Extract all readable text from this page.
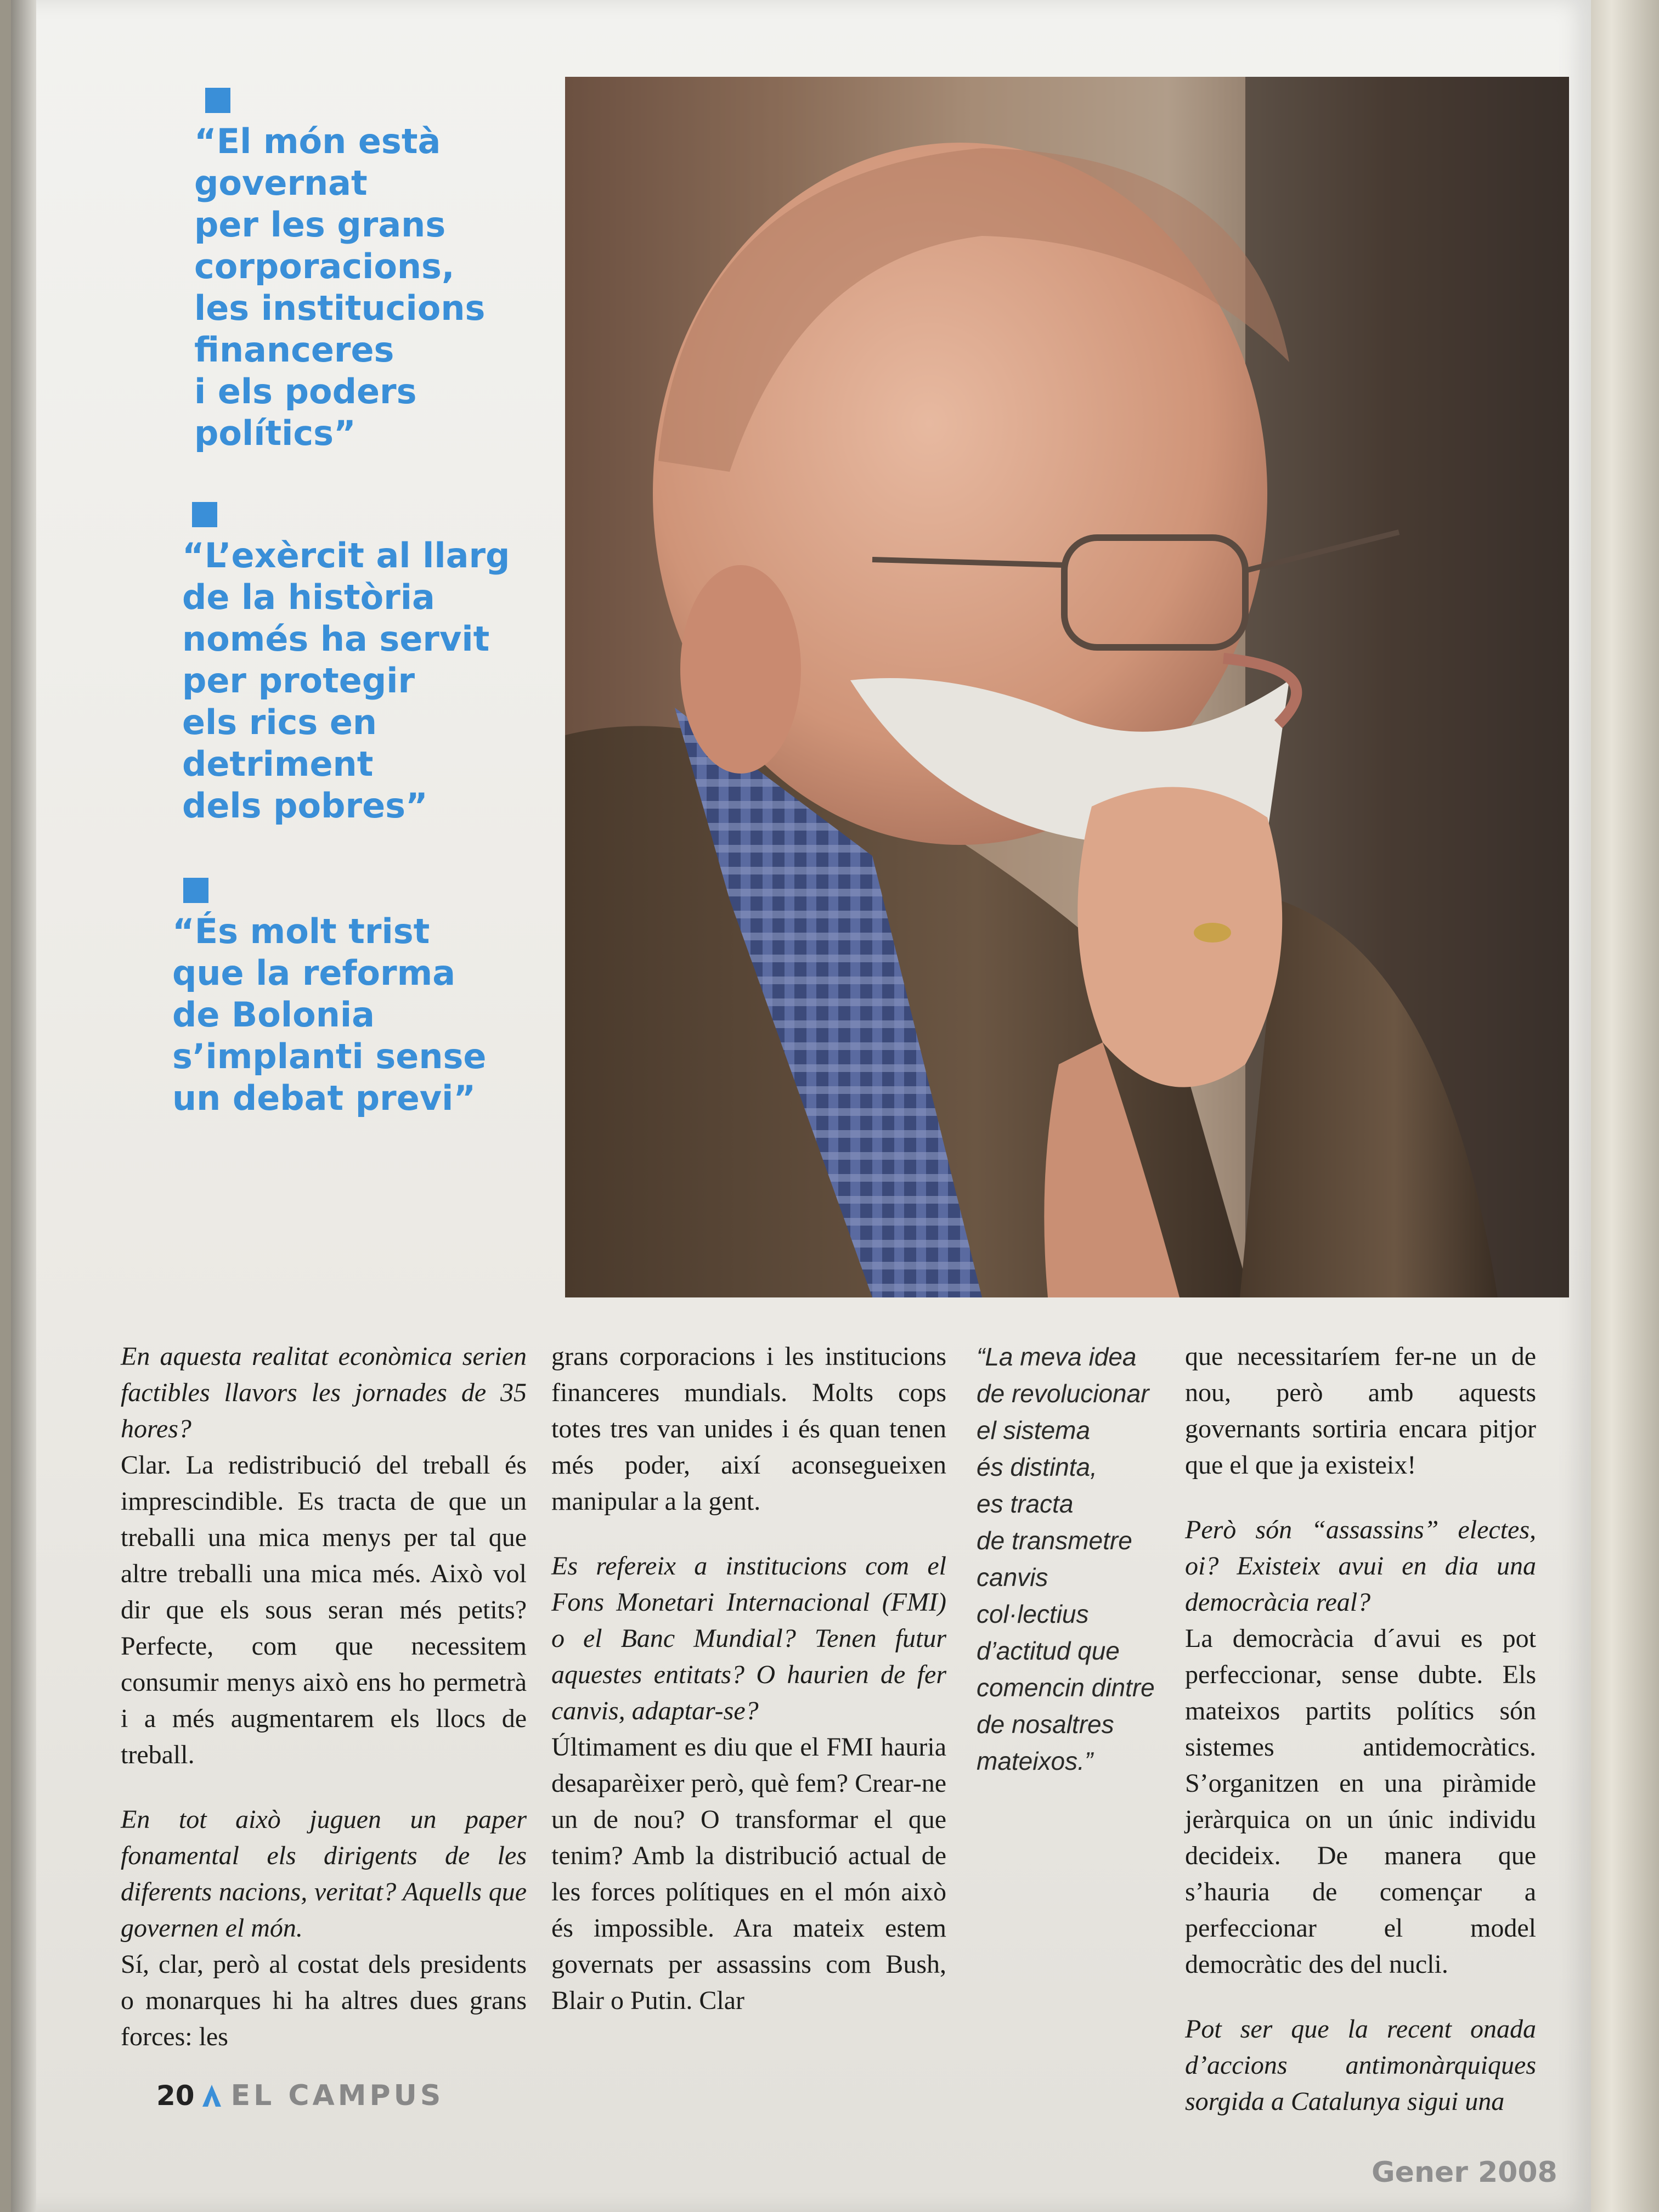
“El món està
governat
per les grans
corporacions,
les institucions
financeres
i els poders
polítics”

“L’exèrcit al llarg
de la història
només ha servit
per protegir
els rics en
detriment
dels pobres”

“És molt trist
que la reforma
de Bolonia
s’implanti sense
un debat previ”

En aquesta realitat econòmica serien factibles llavors les jornades de 35 hores?

Clar. La redistribució del treball és imprescindible. Es tracta de que un treballi una mica menys per tal que altre treballi una mica més. Això vol dir que els sous seran més petits? Perfecte, com que necessitem consumir menys això ens ho permetrà i a més augmentarem els llocs de treball.

En tot això juguen un paper fonamental els dirigents de les diferents nacions, veritat? Aquells que governen el món.

Sí, clar, però al costat dels presidents o monarques hi ha altres dues grans forces: les

grans corporacions i les institucions financeres mundials. Molts cops totes tres van unides i és quan tenen més poder, així aconsegueixen manipular a la gent.

Es refereix a institucions com el Fons Monetari Internacional (FMI) o el Banc Mundial? Tenen futur aquestes entitats? O haurien de fer canvis, adaptar-se?

Últimament es diu que el FMI hauria desaparèixer però, què fem? Crear-ne un de nou? O transformar el que tenim? Amb la distribució actual de les forces polítiques en el món això és impossible. Ara mateix estem governats per assassins com Bush, Blair o Putin. Clar

“La meva idea
de revolucionar
el sistema
és distinta,
es tracta
de transmetre
canvis
col·lectius
d’actitud que
comencin dintre
de nosaltres
mateixos.”

que necessitaríem fer-ne un de nou, però amb aquests governants sortiria encara pitjor que el que ja existeix!

Però són “assassins” electes, oi? Existeix avui en dia una democràcia real?

La democràcia d´avui es pot perfeccionar, sense dubte. Els mateixos partits polítics són sistemes antidemocràtics. S’organitzen en una piràmide jeràrquica on un únic individu decideix. De manera que s’hauria de començar a perfeccionar el model democràtic des del nucli.

Pot ser que la recent onada d’accions antimonàrquiques sorgida a Catalunya sigui una

20 EL CAMPUS
Gener 2008
